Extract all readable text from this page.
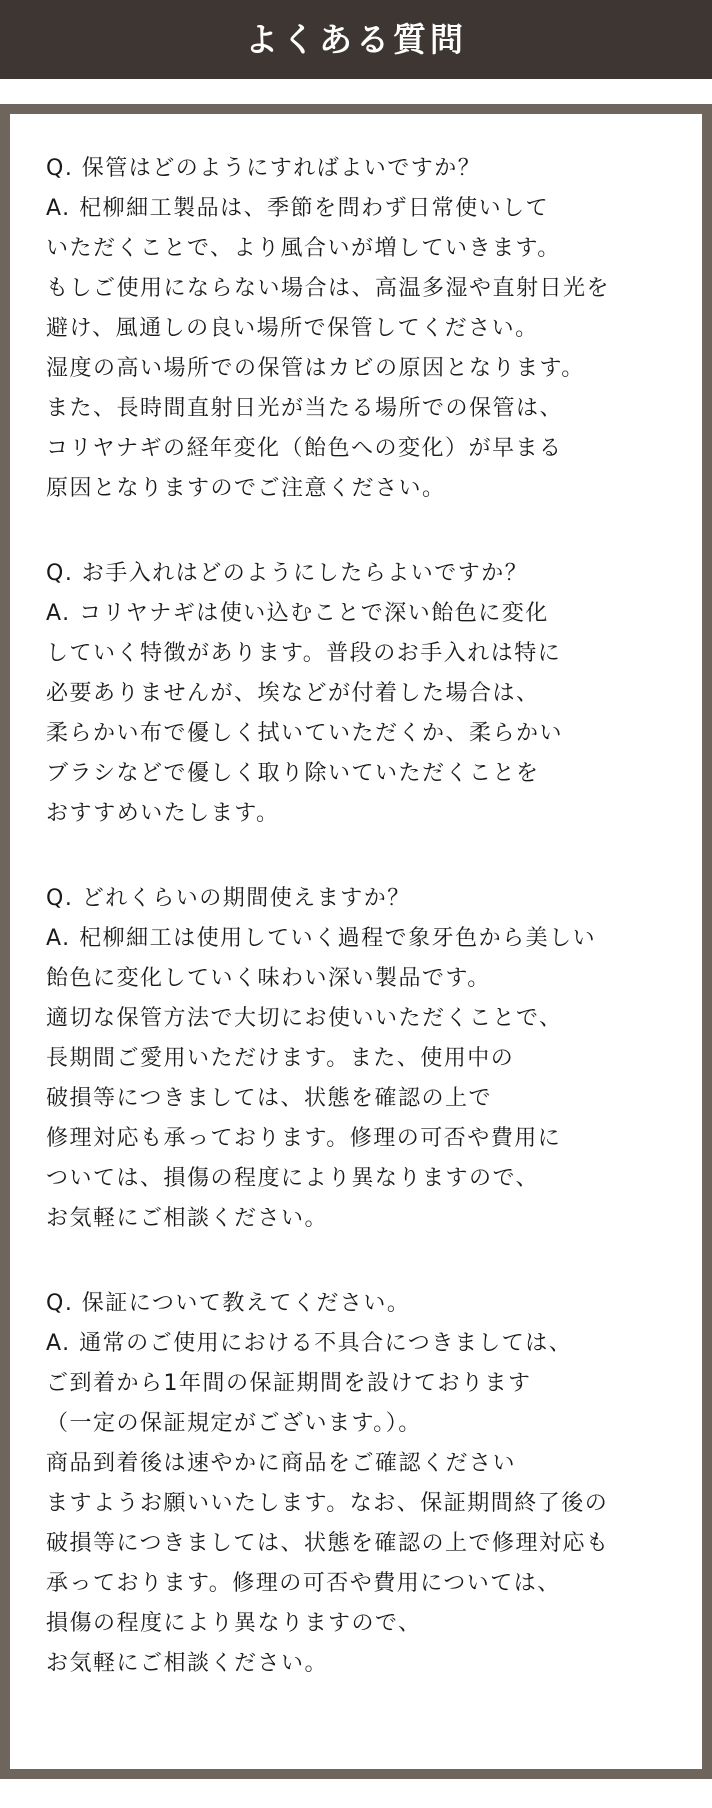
よくある質問

Q. 保管はどのようにすればよいですか？

A. 杞柳細工製品は、季節を問わず日常使いして

いただくことで、より風合いが増していきます。

もしご使用にならない場合は、高温多湿や直射日光を

避け、風通しの良い場所で保管してください。

湿度の高い場所での保管はカビの原因となります。

また、長時間直射日光が当たる場所での保管は、

コリヤナギの経年変化（飴色への変化）が早まる

原因となりますのでご注意ください。

Q. お手入れはどのようにしたらよいですか？

A. コリヤナギは使い込むことで深い飴色に変化

していく特徴があります。普段のお手入れは特に

必要ありませんが、埃などが付着した場合は、

柔らかい布で優しく拭いていただくか、柔らかい

ブラシなどで優しく取り除いていただくことを

おすすめいたします。

Q. どれくらいの期間使えますか？

A. 杞柳細工は使用していく過程で象牙色から美しい

飴色に変化していく味わい深い製品です。

適切な保管方法で大切にお使いいただくことで、

長期間ご愛用いただけます。また、使用中の

破損等につきましては、状態を確認の上で

修理対応も承っております。修理の可否や費用に

ついては、損傷の程度により異なりますので、

お気軽にご相談ください。

Q. 保証について教えてください。

A. 通常のご使用における不具合につきましては、

ご到着から1年間の保証期間を設けております

（一定の保証規定がございます。）。

商品到着後は速やかに商品をご確認ください

ますようお願いいたします。なお、保証期間終了後の

破損等につきましては、状態を確認の上で修理対応も

承っております。修理の可否や費用については、

損傷の程度により異なりますので、

お気軽にご相談ください。
